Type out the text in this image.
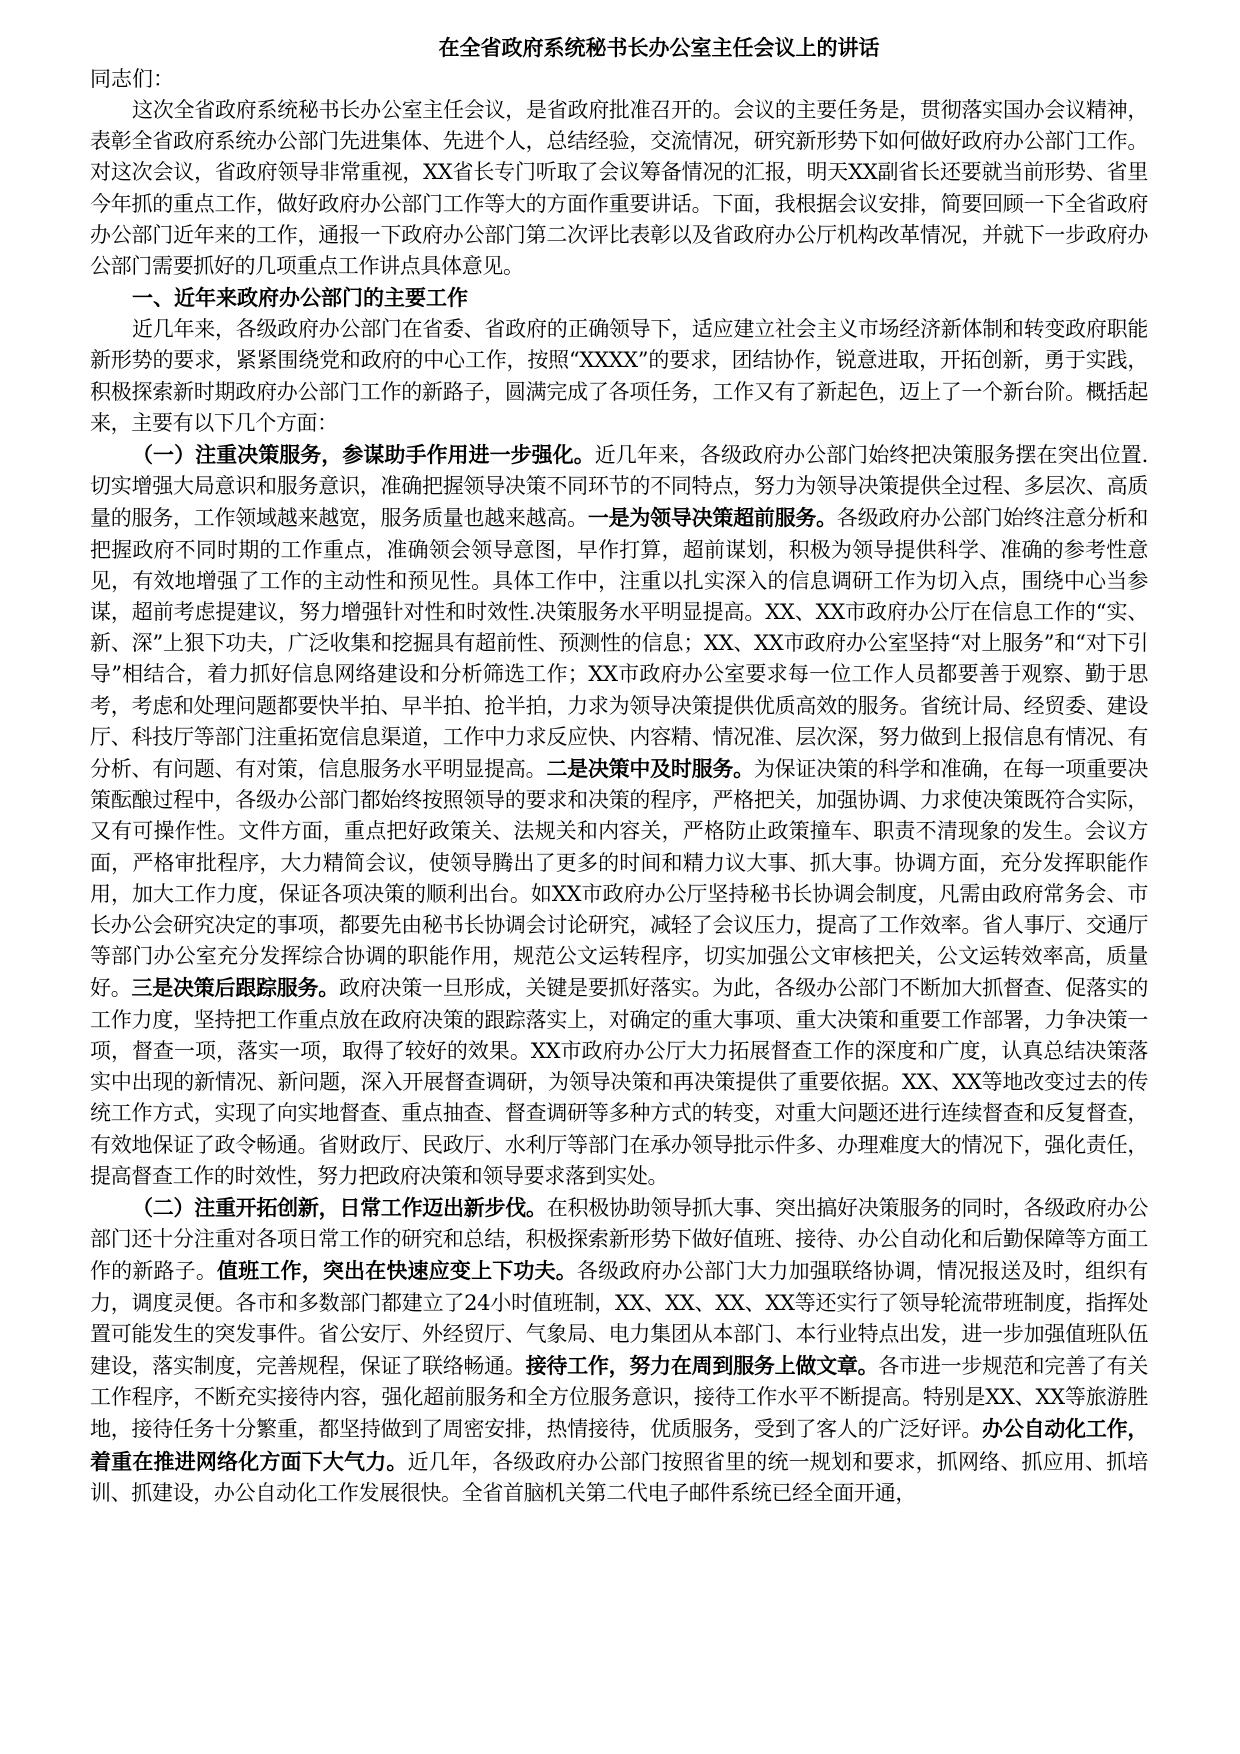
在全省政府系统秘书长办公室主任会议上的讲话

同志们：

这次全省政府系统秘书长办公室主任会议，是省政府批准召开的。会议的主要任务是，贯彻落实国办会议精神，表彰全省政府系统办公部门先进集体、先进个人，总结经验，交流情况，研究新形势下如何做好政府办公部门工作。对这次会议，省政府领导非常重视，XX省长专门听取了会议筹备情况的汇报，明天XX副省长还要就当前形势、省里今年抓的重点工作，做好政府办公部门工作等大的方面作重要讲话。下面，我根据会议安排，简要回顾一下全省政府办公部门近年来的工作，通报一下政府办公部门第二次评比表彰以及省政府办公厅机构改革情况，并就下一步政府办公部门需要抓好的几项重点工作讲点具体意见。

一、近年来政府办公部门的主要工作

近几年来，各级政府办公部门在省委、省政府的正确领导下，适应建立社会主义市场经济新体制和转变政府职能新形势的要求，紧紧围绕党和政府的中心工作，按照“XXXX”的要求，团结协作，锐意进取，开拓创新，勇于实践，积极探索新时期政府办公部门工作的新路子，圆满完成了各项任务，工作又有了新起色，迈上了一个新台阶。概括起来，主要有以下几个方面：

（一）注重决策服务，参谋助手作用进一步强化。近几年来，各级政府办公部门始终把决策服务摆在突出位置.切实增强大局意识和服务意识，准确把握领导决策不同环节的不同特点，努力为领导决策提供全过程、多层次、高质量的服务，工作领域越来越宽，服务质量也越来越高。一是为领导决策超前服务。各级政府办公部门始终注意分析和把握政府不同时期的工作重点，准确领会领导意图，早作打算，超前谋划，积极为领导提供科学、准确的参考性意见，有效地增强了工作的主动性和预见性。具体工作中，注重以扎实深入的信息调研工作为切入点，围绕中心当参谋，超前考虑提建议，努力增强针对性和时效性.决策服务水平明显提高。XX、XX市政府办公厅在信息工作的“实、新、深”上狠下功夫，广泛收集和挖掘具有超前性、预测性的信息；XX、XX市政府办公室坚持“对上服务”和“对下引导”相结合，着力抓好信息网络建设和分析筛选工作；XX市政府办公室要求每一位工作人员都要善于观察、勤于思考，考虑和处理问题都要快半拍、早半拍、抢半拍，力求为领导决策提供优质高效的服务。省统计局、经贸委、建设厅、科技厅等部门注重拓宽信息渠道，工作中力求反应快、内容精、情况准、层次深，努力做到上报信息有情况、有分析、有问题、有对策，信息服务水平明显提高。二是决策中及时服务。为保证决策的科学和准确，在每一项重要决策酝酿过程中，各级办公部门都始终按照领导的要求和决策的程序，严格把关，加强协调、力求使决策既符合实际，又有可操作性。文件方面，重点把好政策关、法规关和内容关，严格防止政策撞车、职责不清现象的发生。会议方面，严格审批程序，大力精简会议，使领导腾出了更多的时间和精力议大事、抓大事。协调方面，充分发挥职能作用，加大工作力度，保证各项决策的顺利出台。如XX市政府办公厅坚持秘书长协调会制度，凡需由政府常务会、市长办公会研究决定的事项，都要先由秘书长协调会讨论研究，减轻了会议压力，提高了工作效率。省人事厅、交通厅等部门办公室充分发挥综合协调的职能作用，规范公文运转程序，切实加强公文审核把关，公文运转效率高，质量好。三是决策后跟踪服务。政府决策一旦形成，关键是要抓好落实。为此，各级办公部门不断加大抓督查、促落实的工作力度，坚持把工作重点放在政府决策的跟踪落实上，对确定的重大事项、重大决策和重要工作部署，力争决策一项，督查一项，落实一项，取得了较好的效果。XX市政府办公厅大力拓展督查工作的深度和广度，认真总结决策落实中出现的新情况、新问题，深入开展督查调研，为领导决策和再决策提供了重要依据。XX、XX等地改变过去的传统工作方式，实现了向实地督查、重点抽查、督查调研等多种方式的转变，对重大问题还进行连续督查和反复督查，有效地保证了政令畅通。省财政厅、民政厅、水利厅等部门在承办领导批示件多、办理难度大的情况下，强化责任，提高督查工作的时效性，努力把政府决策和领导要求落到实处。

（二）注重开拓创新，日常工作迈出新步伐。在积极协助领导抓大事、突出搞好决策服务的同时，各级政府办公部门还十分注重对各项日常工作的研究和总结，积极探索新形势下做好值班、接待、办公自动化和后勤保障等方面工作的新路子。值班工作，突出在快速应变上下功夫。各级政府办公部门大力加强联络协调，情况报送及时，组织有力，调度灵便。各市和多数部门都建立了24小时值班制，XX、XX、XX、XX等还实行了领导轮流带班制度，指挥处置可能发生的突发事件。省公安厅、外经贸厅、气象局、电力集团从本部门、本行业特点出发，进一步加强值班队伍建设，落实制度，完善规程，保证了联络畅通。接待工作，努力在周到服务上做文章。各市进一步规范和完善了有关工作程序，不断充实接待内容，强化超前服务和全方位服务意识，接待工作水平不断提高。特别是XX、XX等旅游胜地，接待任务十分繁重，都坚持做到了周密安排，热情接待，优质服务，受到了客人的广泛好评。办公自动化工作，着重在推进网络化方面下大气力。近几年，各级政府办公部门按照省里的统一规划和要求，抓网络、抓应用、抓培训、抓建设，办公自动化工作发展很快。全省首脑机关第二代电子邮件系统已经全面开通，
